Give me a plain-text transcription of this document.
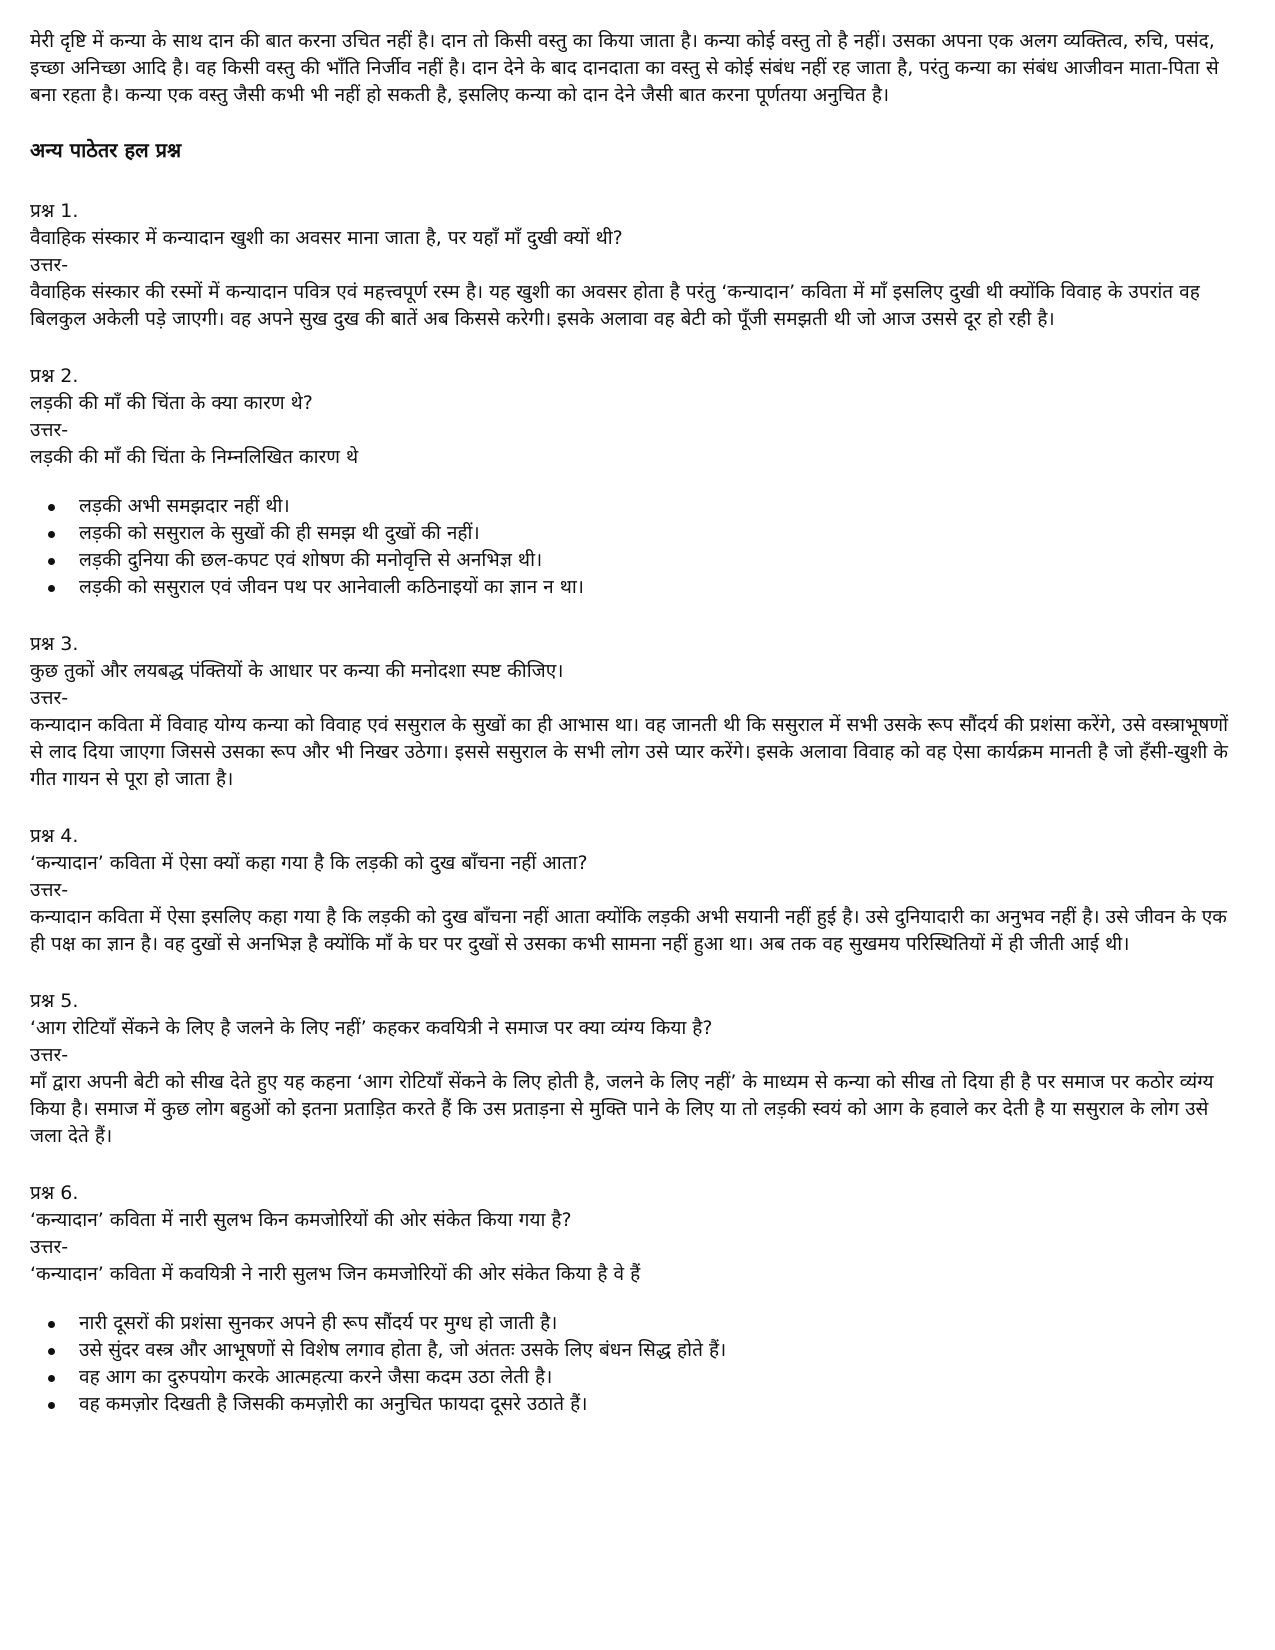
मेरी दृष्टि में कन्या के साथ दान की बात करना उचित नहीं है। दान तो किसी वस्तु का किया जाता है। कन्या कोई वस्तु तो है नहीं। उसका अपना एक अलग व्यक्तित्व, रुचि, पसंद, इच्छा अनिच्छा आदि है। वह किसी वस्तु की भाँति निर्जीव नहीं है। दान देने के बाद दानदाता का वस्तु से कोई संबंध नहीं रह जाता है, परंतु कन्या का संबंध आजीवन माता-पिता से बना रहता है। कन्या एक वस्तु जैसी कभी भी नहीं हो सकती है, इसलिए कन्या को दान देने जैसी बात करना पूर्णतया अनुचित है।

अन्य पाठेतर हल प्रश्न

प्रश्न 1.

वैवाहिक संस्कार में कन्यादान खुशी का अवसर माना जाता है, पर यहाँ माँ दुखी क्यों थी?

उत्तर-

वैवाहिक संस्कार की रस्मों में कन्यादान पवित्र एवं महत्त्वपूर्ण रस्म है। यह खुशी का अवसर होता है परंतु ‘कन्यादान’ कविता में माँ इसलिए दुखी थी क्योंकि विवाह के उपरांत वह बिलकुल अकेली पड़े जाएगी। वह अपने सुख दुख की बातें अब किससे करेगी। इसके अलावा वह बेटी को पूँजी समझती थी जो आज उससे दूर हो रही है।

प्रश्न 2.

लड़की की माँ की चिंता के क्या कारण थे?

उत्तर-

लड़की की माँ की चिंता के निम्नलिखित कारण थे

लड़की अभी समझदार नहीं थी।
लड़की को ससुराल के सुखों की ही समझ थी दुखों की नहीं।
लड़की दुनिया की छल-कपट एवं शोषण की मनोवृत्ति से अनभिज्ञ थी।
लड़की को ससुराल एवं जीवन पथ पर आनेवाली कठिनाइयों का ज्ञान न था।

प्रश्न 3.

कुछ तुकों और लयबद्ध पंक्तियों के आधार पर कन्या की मनोदशा स्पष्ट कीजिए।

उत्तर-

कन्यादान कविता में विवाह योग्य कन्या को विवाह एवं ससुराल के सुखों का ही आभास था। वह जानती थी कि ससुराल में सभी उसके रूप सौंदर्य की प्रशंसा करेंगे, उसे वस्त्राभूषणों से लाद दिया जाएगा जिससे उसका रूप और भी निखर उठेगा। इससे ससुराल के सभी लोग उसे प्यार करेंगे। इसके अलावा विवाह को वह ऐसा कार्यक्रम मानती है जो हँसी-खुशी के गीत गायन से पूरा हो जाता है।

प्रश्न 4.

‘कन्यादान’ कविता में ऐसा क्यों कहा गया है कि लड़की को दुख बाँचना नहीं आता?

उत्तर-

कन्यादान कविता में ऐसा इसलिए कहा गया है कि लड़की को दुख बाँचना नहीं आता क्योंकि लड़की अभी सयानी नहीं हुई है। उसे दुनियादारी का अनुभव नहीं है। उसे जीवन के एक ही पक्ष का ज्ञान है। वह दुखों से अनभिज्ञ है क्योंकि माँ के घर पर दुखों से उसका कभी सामना नहीं हुआ था। अब तक वह सुखमय परिस्थितियों में ही जीती आई थी।

प्रश्न 5.

‘आग रोटियाँ सेंकने के लिए है जलने के लिए नहीं’ कहकर कवयित्री ने समाज पर क्या व्यंग्य किया है?

उत्तर-

माँ द्वारा अपनी बेटी को सीख देते हुए यह कहना ‘आग रोटियाँ सेंकने के लिए होती है, जलने के लिए नहीं’ के माध्यम से कन्या को सीख तो दिया ही है पर समाज पर कठोर व्यंग्य किया है। समाज में कुछ लोग बहुओं को इतना प्रताड़ित करते हैं कि उस प्रताड़ना से मुक्ति पाने के लिए या तो लड़की स्वयं को आग के हवाले कर देती है या ससुराल के लोग उसे जला देते हैं।

प्रश्न 6.

‘कन्यादान’ कविता में नारी सुलभ किन कमजोरियों की ओर संकेत किया गया है?

उत्तर-

‘कन्यादान’ कविता में कवयित्री ने नारी सुलभ जिन कमजोरियों की ओर संकेत किया है वे हैं

नारी दूसरों की प्रशंसा सुनकर अपने ही रूप सौंदर्य पर मुग्ध हो जाती है।
उसे सुंदर वस्त्र और आभूषणों से विशेष लगाव होता है, जो अंततः उसके लिए बंधन सिद्ध होते हैं।
वह आग का दुरुपयोग करके आत्महत्या करने जैसा कदम उठा लेती है।
वह कमज़ोर दिखती है जिसकी कमज़ोरी का अनुचित फायदा दूसरे उठाते हैं।
